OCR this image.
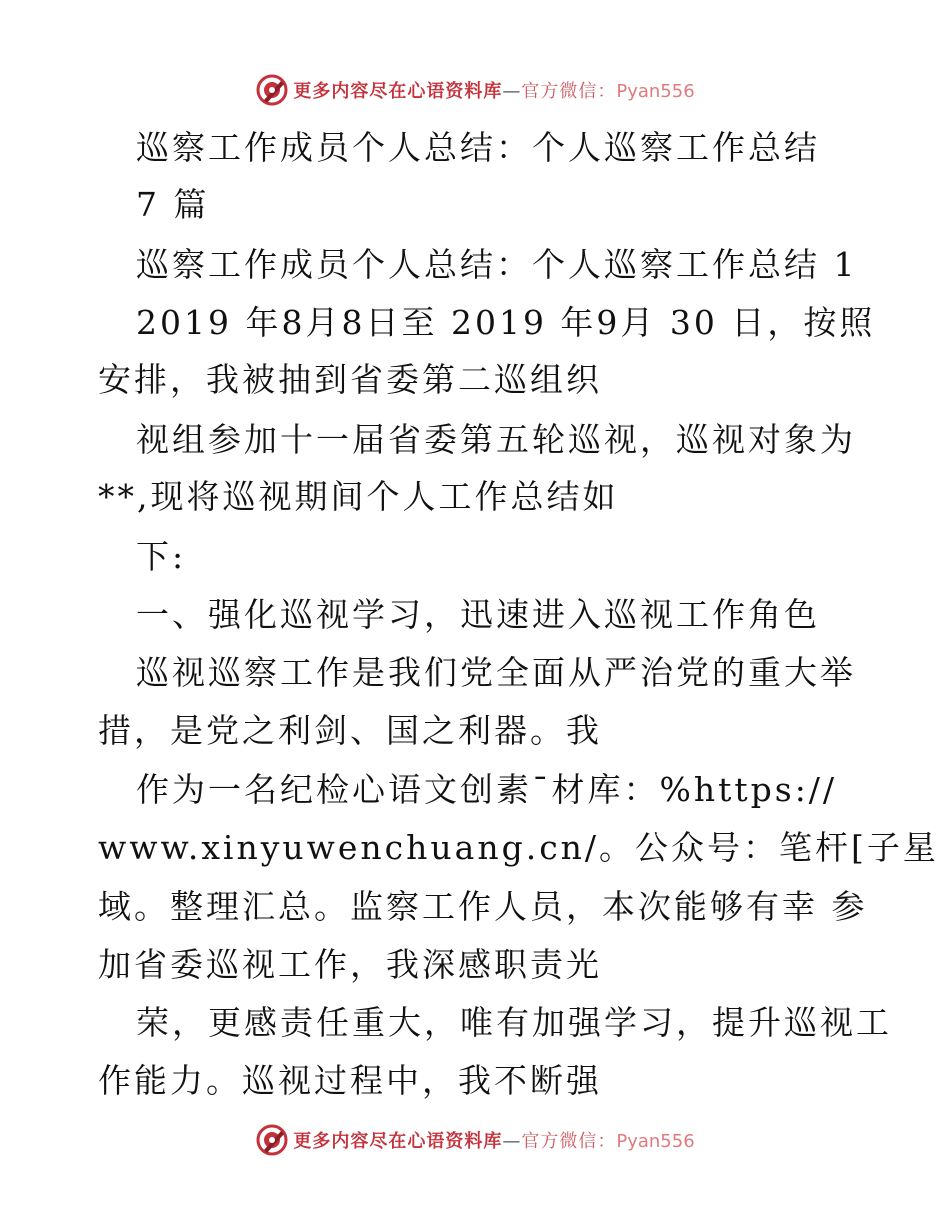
更多内容尽在心语资料库—官方微信：Pyan556
巡察工作成员个人总结：个人巡察工作总结
7 篇
巡察工作成员个人总结：个人巡察工作总结 1
2019 年8月8日至 2019 年9月 30 日，按照
安排，我被抽到省委第二巡组织
视组参加十一届省委第五轮巡视，巡视对象为
**,现将巡视期间个人工作总结如
下:
一、强化巡视学习，迅速进入巡视工作角色
巡视巡察工作是我们党全面从严治党的重大举
措，是党之利剑、国之利器。我
作为一名纪检心语文创素¯材库：%https://
www.xinyuwenchuang.cn/。公众号：笔杆[子星
域。整理汇总。监察工作人员，本次能够有幸 参
加省委巡视工作，我深感职责光
荣，更感责任重大，唯有加强学习，提升巡视工
作能力。巡视过程中，我不断强
更多内容尽在心语资料库—官方微信：Pyan556
